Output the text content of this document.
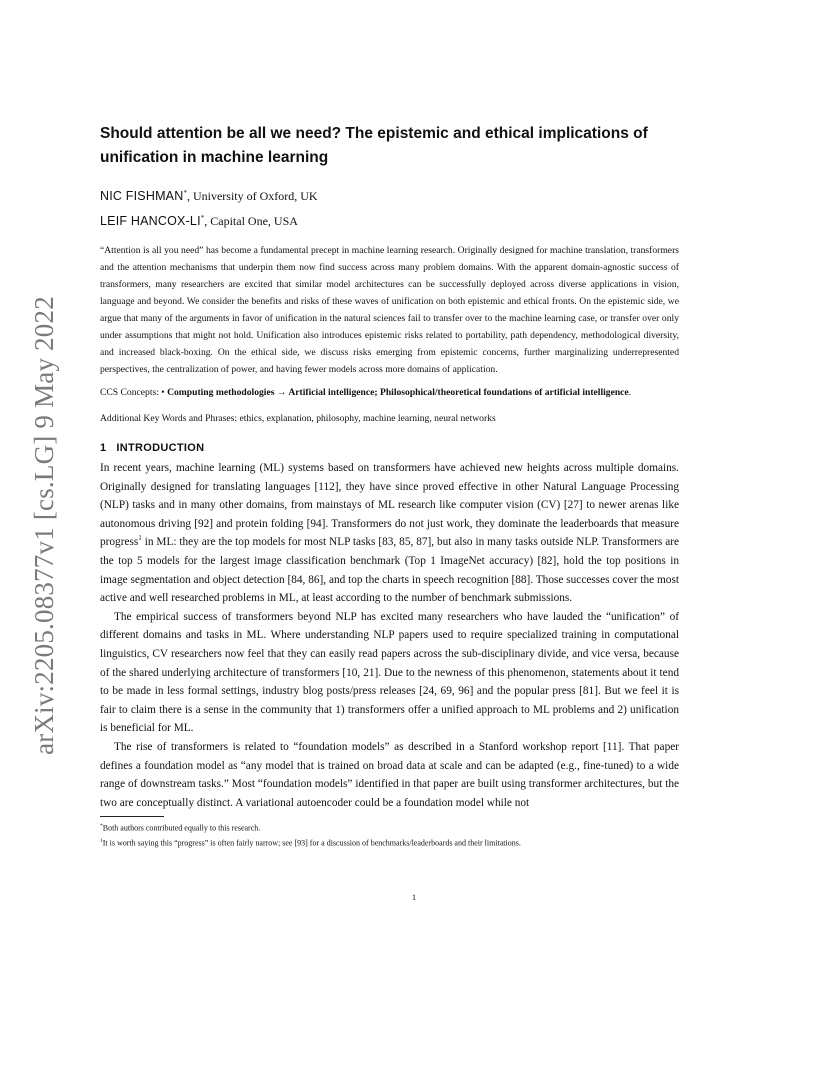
arXiv:2205.08377v1 [cs.LG] 9 May 2022
Should attention be all we need? The epistemic and ethical implications of unification in machine learning
NIC FISHMAN*, University of Oxford, UK
LEIF HANCOX-LI*, Capital One, USA
“Attention is all you need” has become a fundamental precept in machine learning research. Originally designed for machine translation, transformers and the attention mechanisms that underpin them now find success across many problem domains. With the apparent domain-agnostic success of transformers, many researchers are excited that similar model architectures can be successfully deployed across diverse applications in vision, language and beyond. We consider the benefits and risks of these waves of unification on both epistemic and ethical fronts. On the epistemic side, we argue that many of the arguments in favor of unification in the natural sciences fail to transfer over to the machine learning case, or transfer over only under assumptions that might not hold. Unification also introduces epistemic risks related to portability, path dependency, methodological diversity, and increased black-boxing. On the ethical side, we discuss risks emerging from epistemic concerns, further marginalizing underrepresented perspectives, the centralization of power, and having fewer models across more domains of application.
CCS Concepts: • Computing methodologies → Artificial intelligence; Philosophical/theoretical foundations of artificial intelligence.
Additional Key Words and Phrases: ethics, explanation, philosophy, machine learning, neural networks
1 INTRODUCTION

In recent years, machine learning (ML) systems based on transformers have achieved new heights across multiple domains. Originally designed for translating languages [112], they have since proved effective in other Natural Language Processing (NLP) tasks and in many other domains, from mainstays of ML research like computer vision (CV) [27] to newer arenas like autonomous driving [92] and protein folding [94]. Transformers do not just work, they dominate the leaderboards that measure progress$^1$ in ML: they are the top models for most NLP tasks [83, 85, 87], but also in many tasks outside NLP. Transformers are the top 5 models for the largest image classification benchmark (Top 1 ImageNet accuracy) [82], hold the top positions in image segmentation and object detection [84, 86], and top the charts in speech recognition [88]. Those successes cover the most active and well researched problems in ML, at least according to the number of benchmark submissions.

The empirical success of transformers beyond NLP has excited many researchers who have lauded the “unification” of different domains and tasks in ML. Where understanding NLP papers used to require specialized training in computational linguistics, CV researchers now feel that they can easily read papers across the sub-disciplinary divide, and vice versa, because of the shared underlying architecture of transformers [10, 21]. Due to the newness of this phenomenon, statements about it tend to be made in less formal settings, industry blog posts/press releases [24, 69, 96] and the popular press [81]. But we feel it is fair to claim there is a sense in the community that 1) transformers offer a unified approach to ML problems and 2) unification is beneficial for ML.

The rise of transformers is related to “foundation models” as described in a Stanford workshop report [11]. That paper defines a foundation model as “any model that is trained on broad data at scale and can be adapted (e.g., fine-tuned) to a wide range of downstream tasks.” Most “foundation models” identified in that paper are built using transformer architectures, but the two are conceptually distinct. A variational autoencoder could be a foundation model while not

*Both authors contributed equally to this research.
$^1$It is worth saying this “progress” is often fairly narrow; see [93] for a discussion of benchmarks/leaderboards and their limitations.
1
